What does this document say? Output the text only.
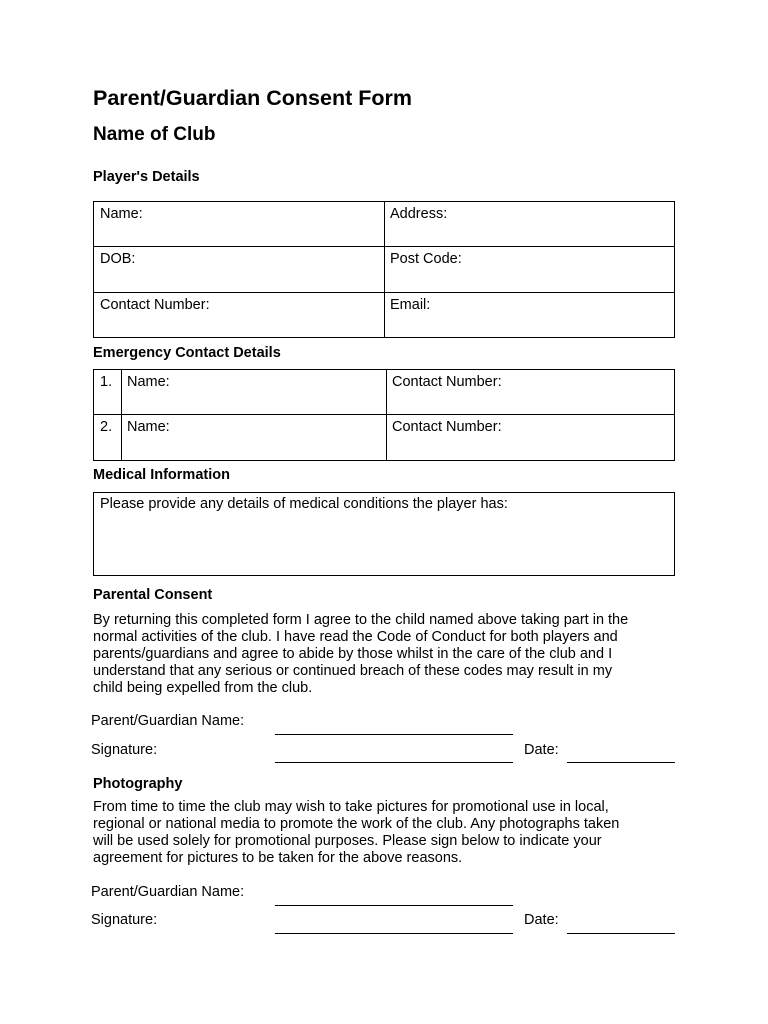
Parent/Guardian Consent Form
Name of Club
Player's Details
Name:	Address:
DOB:	Post Code:
Contact Number:	Email:
Emergency Contact Details
1. Name:	Contact Number:
2. Name:	Contact Number:
Medical Information
Please provide any details of medical conditions the player has:
Parental Consent
By returning this completed form I agree to the child named above taking part in the
normal activities of the club. I have read the Code of Conduct for both players and
parents/guardians and agree to abide by those whilst in the care of the club and I
understand that any serious or continued breach of these codes may result in my
child being expelled from the club.
Parent/Guardian Name:
Signature:	Date:
Photography
From time to time the club may wish to take pictures for promotional use in local,
regional or national media to promote the work of the club. Any photographs taken
will be used solely for promotional purposes. Please sign below to indicate your
agreement for pictures to be taken for the above reasons.
Parent/Guardian Name:
Signature:	Date:
